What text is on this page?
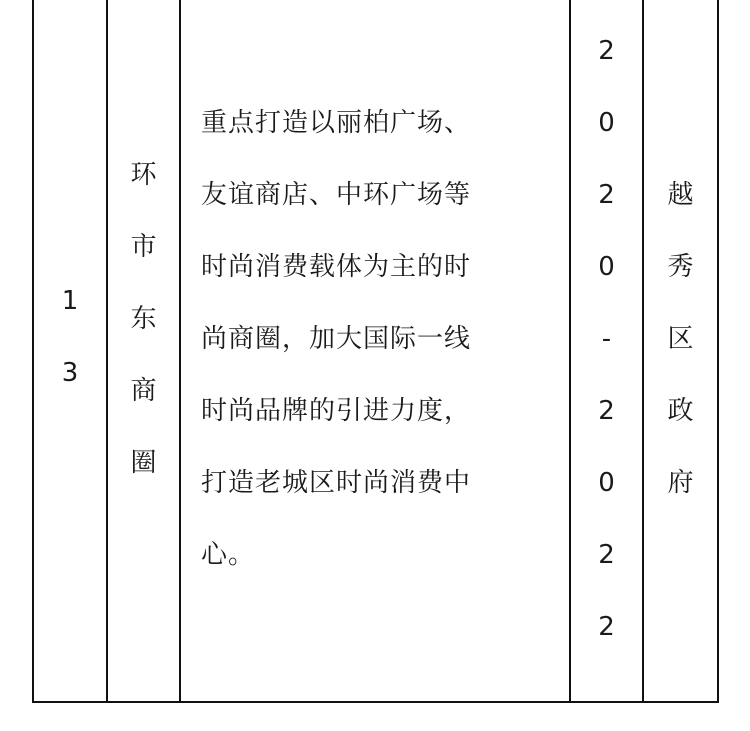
1
3
环
市
东
商
圈
重点打造以丽柏广场、
友谊商店、中环广场等
时尚消费载体为主的时
尚商圈，加大国际一线
时尚品牌的引进力度，
打造老城区时尚消费中
心。
2
0
2
0
-
2
0
2
2
越
秀
区
政
府
